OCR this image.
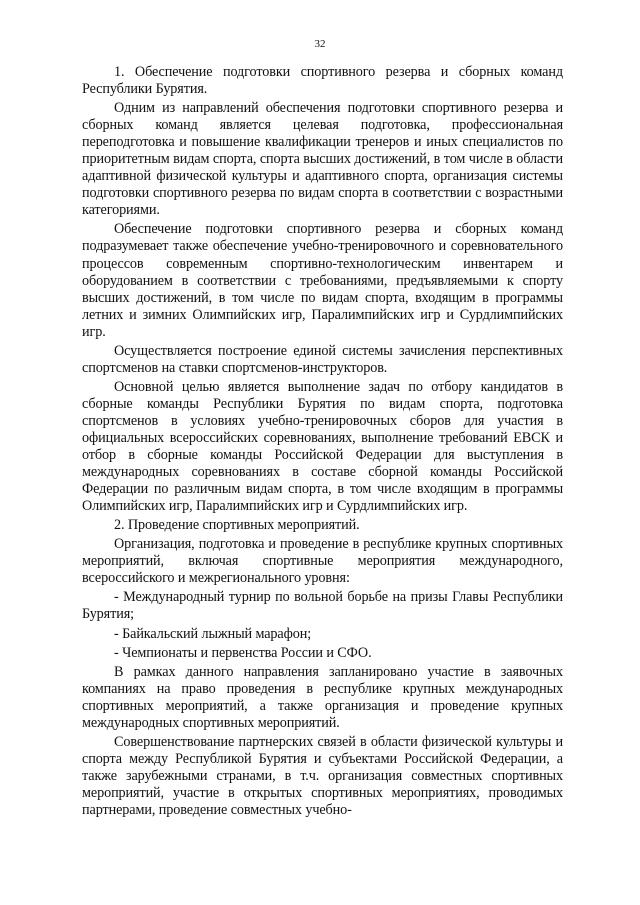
32

1. Обеспечение подготовки спортивного резерва и сборных команд Республики Бурятия.

Одним из направлений обеспечения подготовки спортивного резерва и сборных команд является целевая подготовка, профессиональная переподготовка и повышение квалификации тренеров и иных специалистов по приоритетным видам спорта, спорта высших достижений, в том числе в области адаптивной физической культуры и адаптивного спорта, организация системы подготовки спортивного резерва по видам спорта в соответствии с возрастными категориями.

Обеспечение подготовки спортивного резерва и сборных команд подразумевает также обеспечение учебно-тренировочного и соревновательного процессов современным спортивно-технологическим инвентарем и оборудованием в соответствии с требованиями, предъявляемыми к спорту высших достижений, в том числе по видам спорта, входящим в программы летних и зимних Олимпийских игр, Паралимпийских игр и Сурдлимпийских игр.

Осуществляется построение единой системы зачисления перспективных спортсменов на ставки спортсменов-инструкторов.

Основной целью является выполнение задач по отбору кандидатов в сборные команды Республики Бурятия по видам спорта, подготовка спортсменов в условиях учебно-тренировочных сборов для участия в официальных всероссийских соревнованиях, выполнение требований ЕВСК и отбор в сборные команды Российской Федерации для выступления в международных соревнованиях в составе сборной команды Российской Федерации по различным видам спорта, в том числе входящим в программы Олимпийских игр, Паралимпийских игр и Сурдлимпийских игр.

2. Проведение спортивных мероприятий.

Организация, подготовка и проведение в республике крупных спортивных мероприятий, включая спортивные мероприятия международного, всероссийского и межрегионального уровня:

- Международный турнир по вольной борьбе на призы Главы Республики Бурятия;

- Байкальский лыжный марафон;

- Чемпионаты и первенства России и СФО.

В рамках данного направления запланировано участие в заявочных компаниях на право проведения в республике крупных международных спортивных мероприятий, а также организация и проведение крупных международных спортивных мероприятий.

Совершенствование партнерских связей в области физической культуры и спорта между Республикой Бурятия и субъектами Российской Федерации, а также зарубежными странами, в т.ч. организация совместных спортивных мероприятий, участие в открытых спортивных мероприятиях, проводимых партнерами, проведение совместных учебно-
